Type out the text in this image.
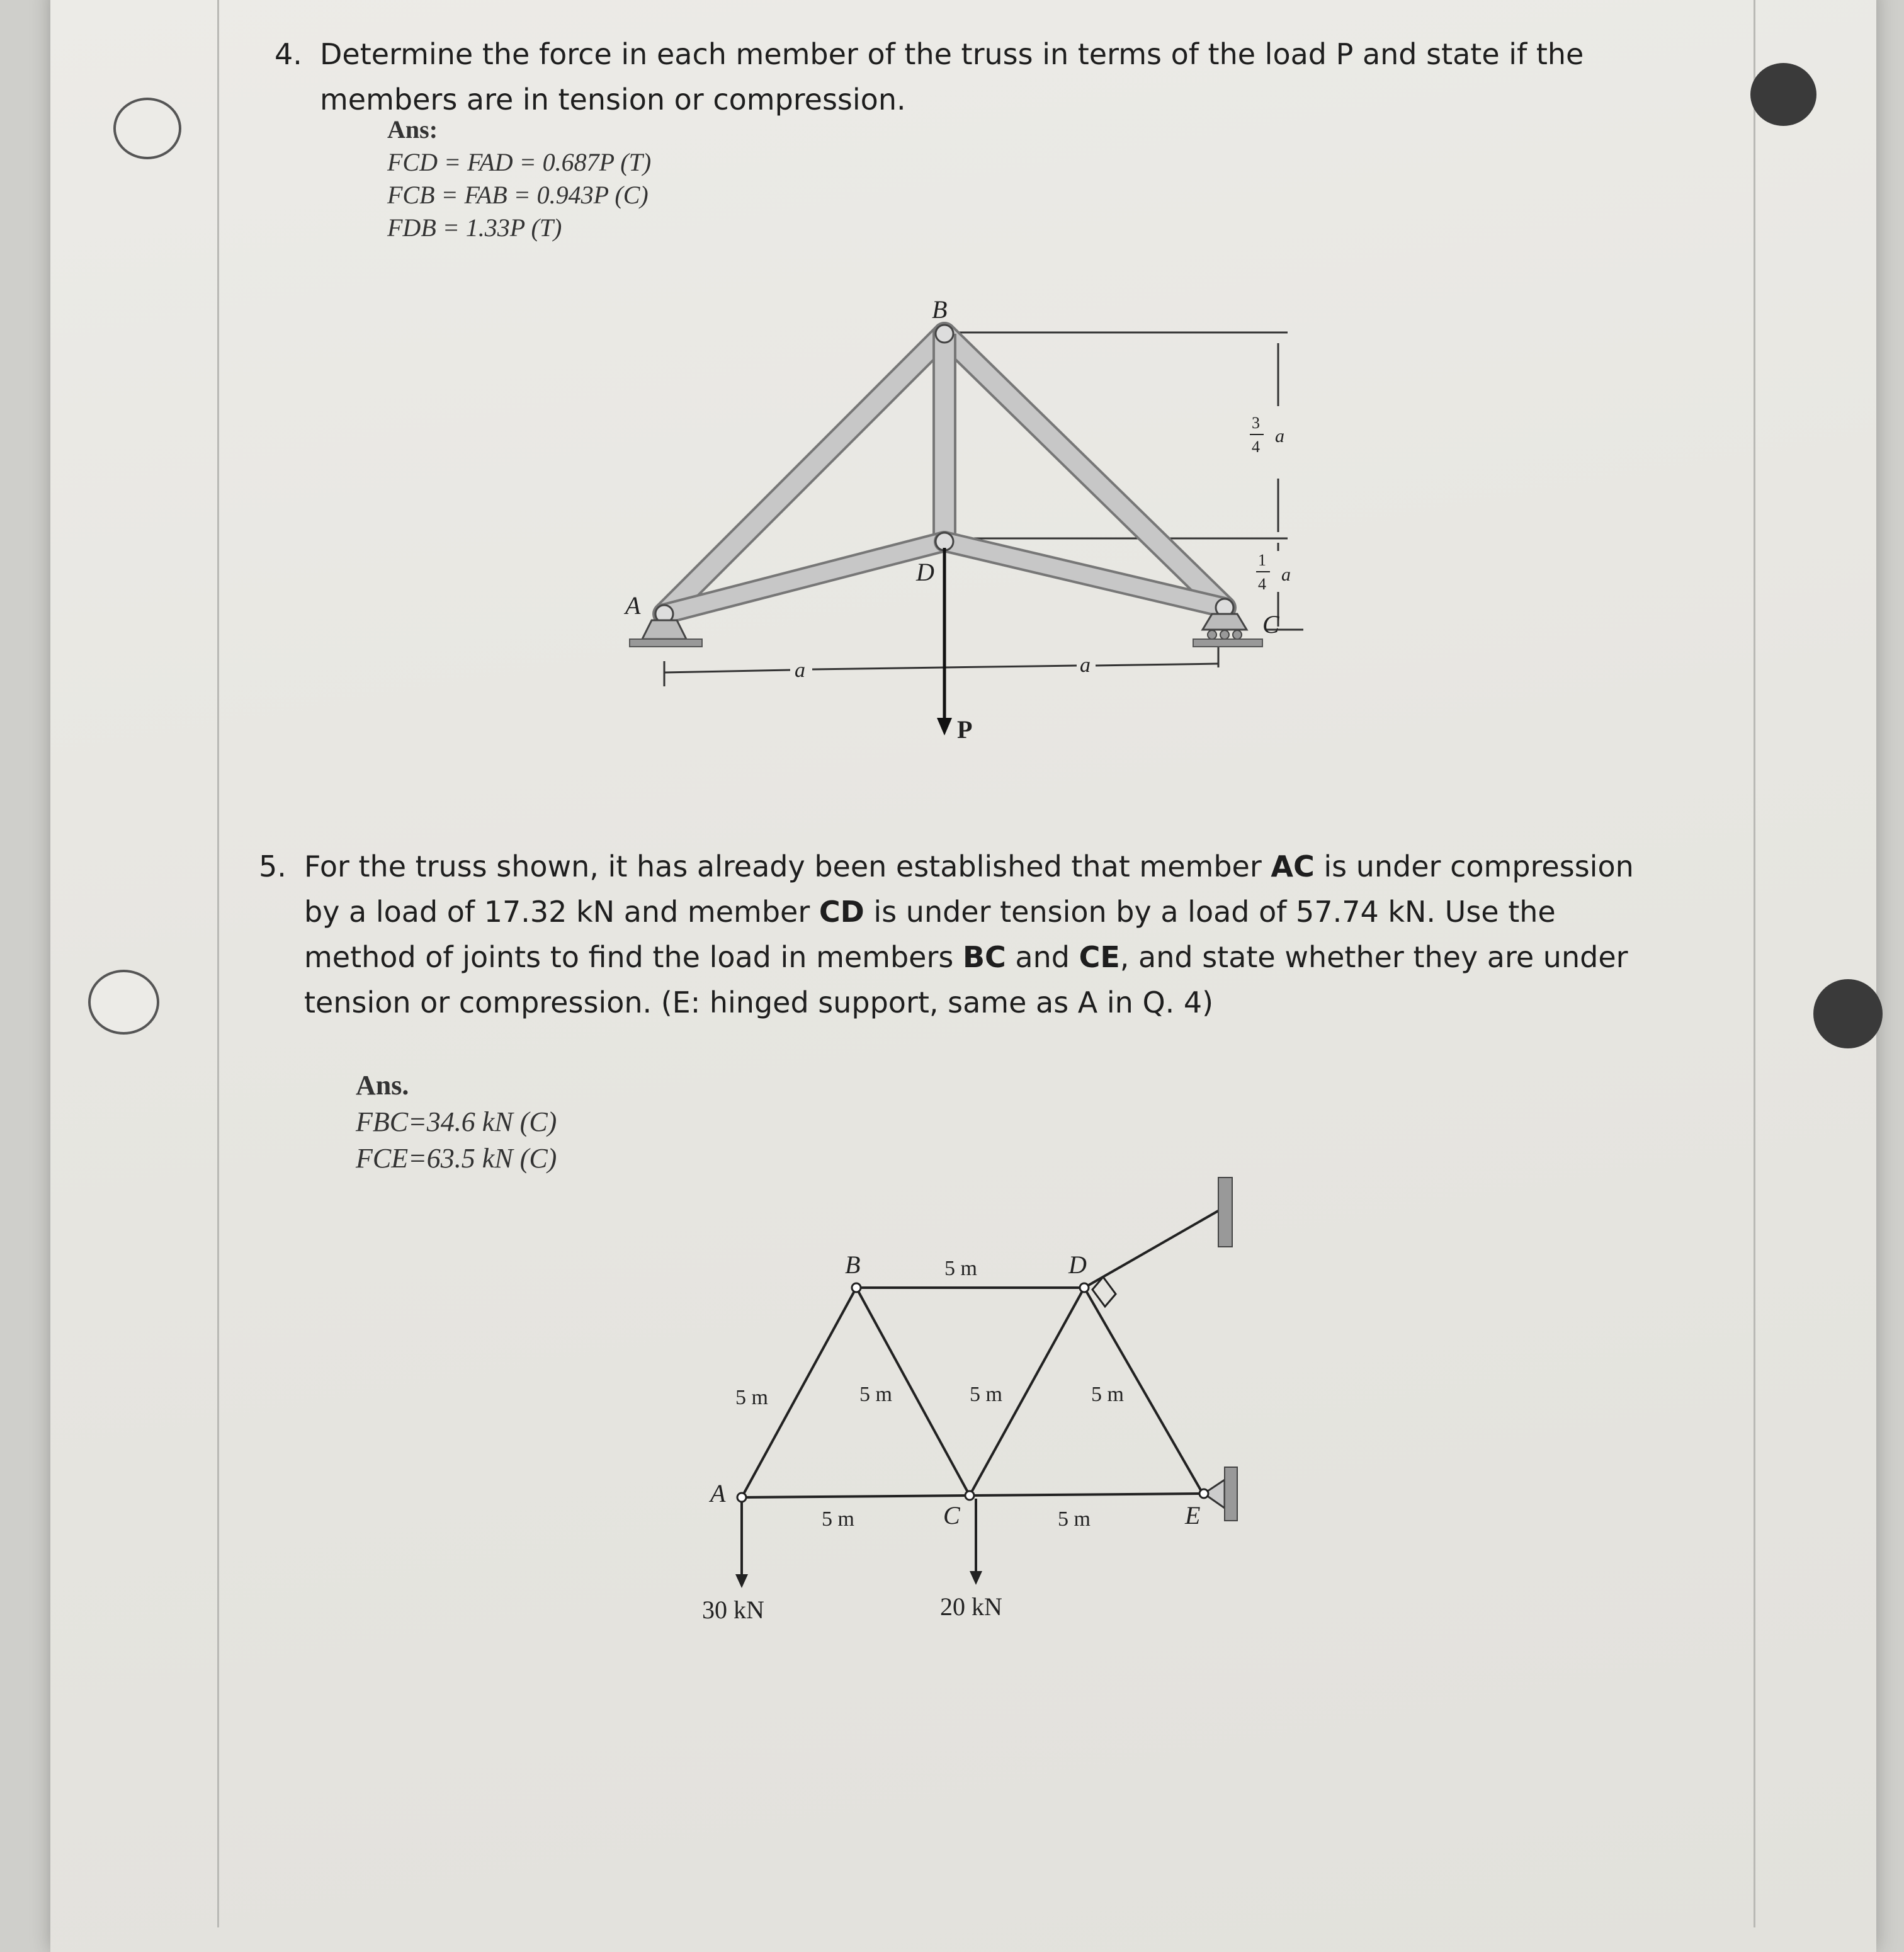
4. Determine the force in each member of the truss in terms of the load P and state if the
members are in tension or compression.
Ans:
FCD = FAD = 0.687P (T)
FCB = FAB = 0.943P (C)
FDB = 1.33P (T)
B
D
A
C
P
a	a
3
4
a
1
4 a
5. For the truss shown, it has already been established that member AC is under compression
by a load of 17.32 kN and member CD is under tension by a load of 57.74 kN. Use the
method of joints to find the load in members BC and CE, and state whether they are under
tension or compression. (E: hinged support, same as A in Q. 4)
Ans.
FBC=34.6 kN (C)
FCE=63.5 kN (C)
B	D
A
C	E
5 m
5 m	5 m	5 m	5 m
5 m	5 m
30 kN	20 kN
